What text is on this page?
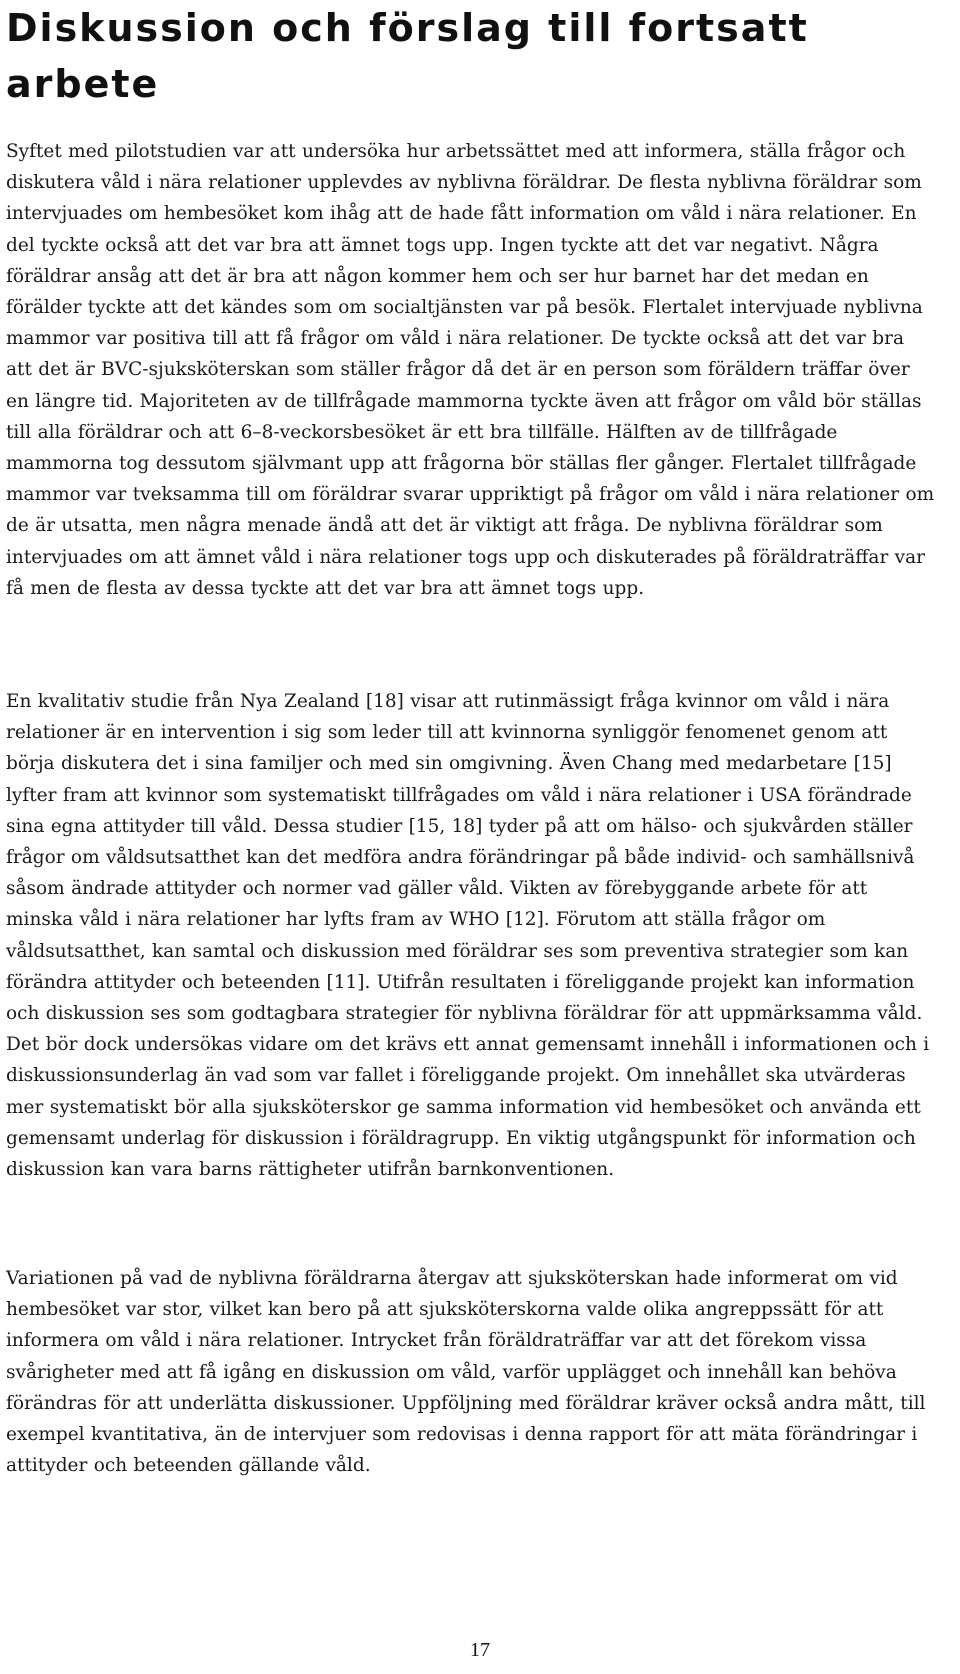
Diskussion och förslag till fortsatt arbete

Syftet med pilotstudien var att undersöka hur arbetssättet med att informera, ställa frågor och diskutera våld i nära relationer upplevdes av nyblivna föräldrar. De flesta nyblivna föräldrar som intervjuades om hembesöket kom ihåg att de hade fått information om våld i nära relationer. En del tyckte också att det var bra att ämnet togs upp. Ingen tyckte att det var negativt. Några föräldrar ansåg att det är bra att någon kommer hem och ser hur barnet har det medan en förälder tyckte att det kändes som om socialtjänsten var på besök. Flertalet intervjuade nyblivna mammor var positiva till att få frågor om våld i nära relationer. De tyckte också att det var bra att det är BVC-sjuksköterskan som ställer frågor då det är en person som föräldern träffar över en längre tid. Majoriteten av de tillfrågade mammorna tyckte även att frågor om våld bör ställas till alla föräldrar och att 6–8-veckorsbesöket är ett bra tillfälle. Hälften av de tillfrågade mammorna tog dessutom självmant upp att frågorna bör ställas fler gånger. Flertalet tillfrågade mammor var tveksamma till om föräldrar svarar uppriktigt på frågor om våld i nära relationer om de är utsatta, men några menade ändå att det är viktigt att fråga. De nyblivna föräldrar som intervjuades om att ämnet våld i nära relationer togs upp och diskuterades på föräldraträffar var få men de flesta av dessa tyckte att det var bra att ämnet togs upp.

En kvalitativ studie från Nya Zealand [18] visar att rutinmässigt fråga kvinnor om våld i nära relationer är en intervention i sig som leder till att kvinnorna synliggör fenomenet genom att börja diskutera det i sina familjer och med sin omgivning. Även Chang med medarbetare [15] lyfter fram att kvinnor som systematiskt tillfrågades om våld i nära relationer i USA förändrade sina egna attityder till våld. Dessa studier [15, 18] tyder på att om hälso- och sjukvården ställer frågor om våldsutsatthet kan det medföra andra förändringar på både individ- och samhällsnivå såsom ändrade attityder och normer vad gäller våld. Vikten av förebyggande arbete för att minska våld i nära relationer har lyfts fram av WHO [12]. Förutom att ställa frågor om våldsutsatthet, kan samtal och diskussion med föräldrar ses som preventiva strategier som kan förändra attityder och beteenden [11]. Utifrån resultaten i föreliggande projekt kan information och diskussion ses som godtagbara strategier för nyblivna föräldrar för att uppmärksamma våld. Det bör dock undersökas vidare om det krävs ett annat gemensamt innehåll i informationen och i diskussionsunderlag än vad som var fallet i föreliggande projekt. Om innehållet ska utvärderas mer systematiskt bör alla sjuksköterskor ge samma information vid hembesöket och använda ett gemensamt underlag för diskussion i föräldragrupp. En viktig utgångspunkt för information och diskussion kan vara barns rättigheter utifrån barnkonventionen.

Variationen på vad de nyblivna föräldrarna återgav att sjuksköterskan hade informerat om vid hembesöket var stor, vilket kan bero på att sjuksköterskorna valde olika angreppssätt för att informera om våld i nära relationer. Intrycket från föräldraträffar var att det förekom vissa svårigheter med att få igång en diskussion om våld, varför upplägget och innehåll kan behöva förändras för att underlätta diskussioner. Uppföljning med föräldrar kräver också andra mått, till exempel kvantitativa, än de intervjuer som redovisas i denna rapport för att mäta förändringar i attityder och beteenden gällande våld.

17
